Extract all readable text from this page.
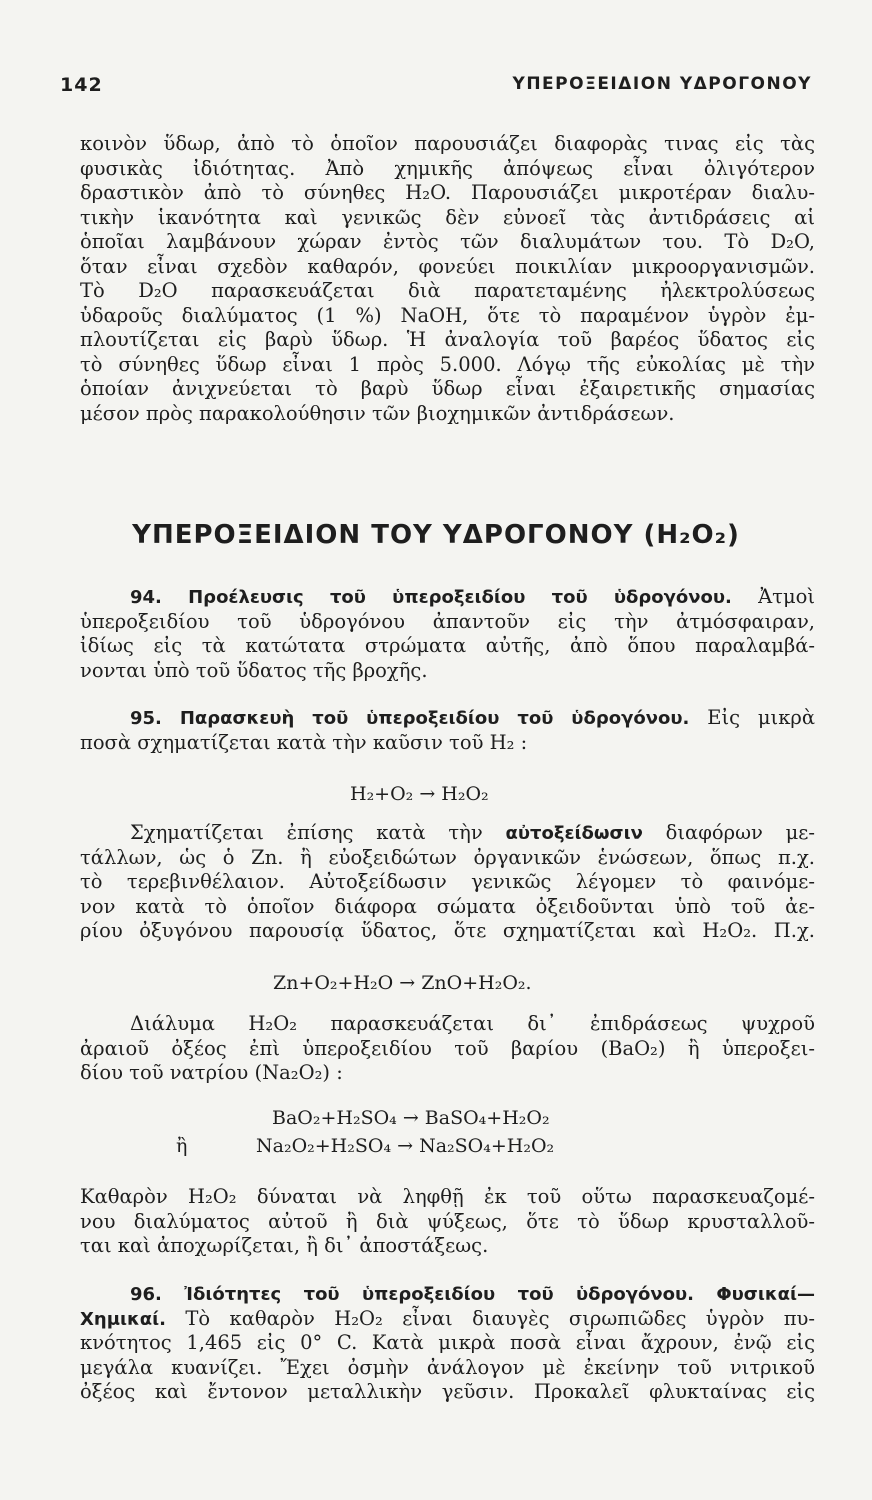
142	ΥΠΕΡΟΞΕΙΔΙΟΝ ΥΔΡΟΓΟΝΟΥ
κοινὸν ὕδωρ, ἀπὸ τὸ ὁποῖον παρουσιάζει διαφορὰς τινας εἰς τὰς
φυσικὰς ἰδιότητας. Ἀπὸ χημικῆς ἀπόψεως εἶναι ὀλιγότερον
δραστικὸν ἀπὸ τὸ σύνηθες H₂O. Παρουσιάζει μικροτέραν διαλυ-
τικὴν ἱκανότητα καὶ γενικῶς δὲν εὐνοεῖ τὰς ἀντιδράσεις αἱ
ὁποῖαι λαμβάνουν χώραν ἐντὸς τῶν διαλυμάτων του. Τὸ D₂O,
ὅταν εἶναι σχεδὸν καθαρόν, φονεύει ποικιλίαν μικροοργανισμῶν.
Τὸ D₂O παρασκευάζεται διὰ παρατεταμένης ἠλεκτρολύσεως
ὑδαροῦς διαλύματος (1 %) NaOH, ὅτε τὸ παραμένον ὑγρὸν ἐμ-
πλουτίζεται εἰς βαρὺ ὕδωρ. Ἡ ἀναλογία τοῦ βαρέος ὕδατος εἰς
τὸ σύνηθες ὕδωρ εἶναι 1 πρὸς 5.000. Λόγῳ τῆς εὐκολίας μὲ τὴν
ὁποίαν ἀνιχνεύεται τὸ βαρὺ ὕδωρ εἶναι ἐξαιρετικῆς σημασίας
μέσον πρὸς παρακολούθησιν τῶν βιοχημικῶν ἀντιδράσεων.
ΥΠΕΡΟΞΕΙΔΙΟΝ ΤΟΥ ΥΔΡΟΓΟΝΟΥ (H₂O₂)
94. Προέλευσις τοῦ ὑπεροξειδίου τοῦ ὑδρογόνου. Ἀτμοὶ
ὑπεροξειδίου τοῦ ὑδρογόνου ἀπαντοῦν εἰς τὴν ἀτμόσφαιραν,
ἰδίως εἰς τὰ κατώτατα στρώματα αὐτῆς, ἀπὸ ὅπου παραλαμβά-
νονται ὑπὸ τοῦ ὕδατος τῆς βροχῆς.
95. Παρασκευὴ τοῦ ὑπεροξειδίου τοῦ ὑδρογόνου. Εἰς μικρὰ
ποσὰ σχηματίζεται κατὰ τὴν καῦσιν τοῦ H₂ :
H₂+O₂ → H₂O₂
Σχηματίζεται ἐπίσης κατὰ τὴν αὐτοξείδωσιν διαφόρων με-
τάλλων, ὡς ὁ Zn. ἢ εὐοξειδώτων ὀργανικῶν ἑνώσεων, ὅπως π.χ.
τὸ τερεβινθέλαιον. Αὐτοξείδωσιν γενικῶς λέγομεν τὸ φαινόμε-
νον κατὰ τὸ ὁποῖον διάφορα σώματα ὀξειδοῦνται ὑπὸ τοῦ ἀε-
ρίου ὀξυγόνου παρουσίᾳ ὕδατος, ὅτε σχηματίζεται καὶ H₂O₂. Π.χ.
Zn+O₂+H₂O → ZnO+H₂O₂.
Διάλυμα H₂O₂ παρασκευάζεται δι᾽ ἐπιδράσεως ψυχροῦ
ἀραιοῦ ὀξέος ἐπὶ ὑπεροξειδίου τοῦ βαρίου (BaO₂) ἢ ὑπεροξει-
δίου τοῦ νατρίου (Na₂O₂) :
BaO₂+H₂SO₄ → BaSO₄+H₂O₂
ἢ	Na₂O₂+H₂SO₄ → Na₂SO₄+H₂O₂
Καθαρὸν H₂O₂ δύναται νὰ ληφθῇ ἐκ τοῦ οὕτω παρασκευαζομέ-
νου διαλύματος αὐτοῦ ἢ διὰ ψύξεως, ὅτε τὸ ὕδωρ κρυσταλλοῦ-
ται καὶ ἀποχωρίζεται, ἢ δι᾽ ἀποστάξεως.
96. Ἰδιότητες τοῦ ὑπεροξειδίου τοῦ ὑδρογόνου. Φυσικαί—
Χημικαί. Τὸ καθαρὸν H₂O₂ εἶναι διαυγὲς σιρωπιῶδες ὑγρὸν πυ-
κνότητος 1,465 εἰς 0° C. Κατὰ μικρὰ ποσὰ εἶναι ἄχρουν, ἐνῷ εἰς
μεγάλα κυανίζει. Ἔχει ὀσμὴν ἀνάλογον μὲ ἐκείνην τοῦ νιτρικοῦ
ὀξέος καὶ ἔντονον μεταλλικὴν γεῦσιν. Προκαλεῖ φλυκταίνας εἰς
